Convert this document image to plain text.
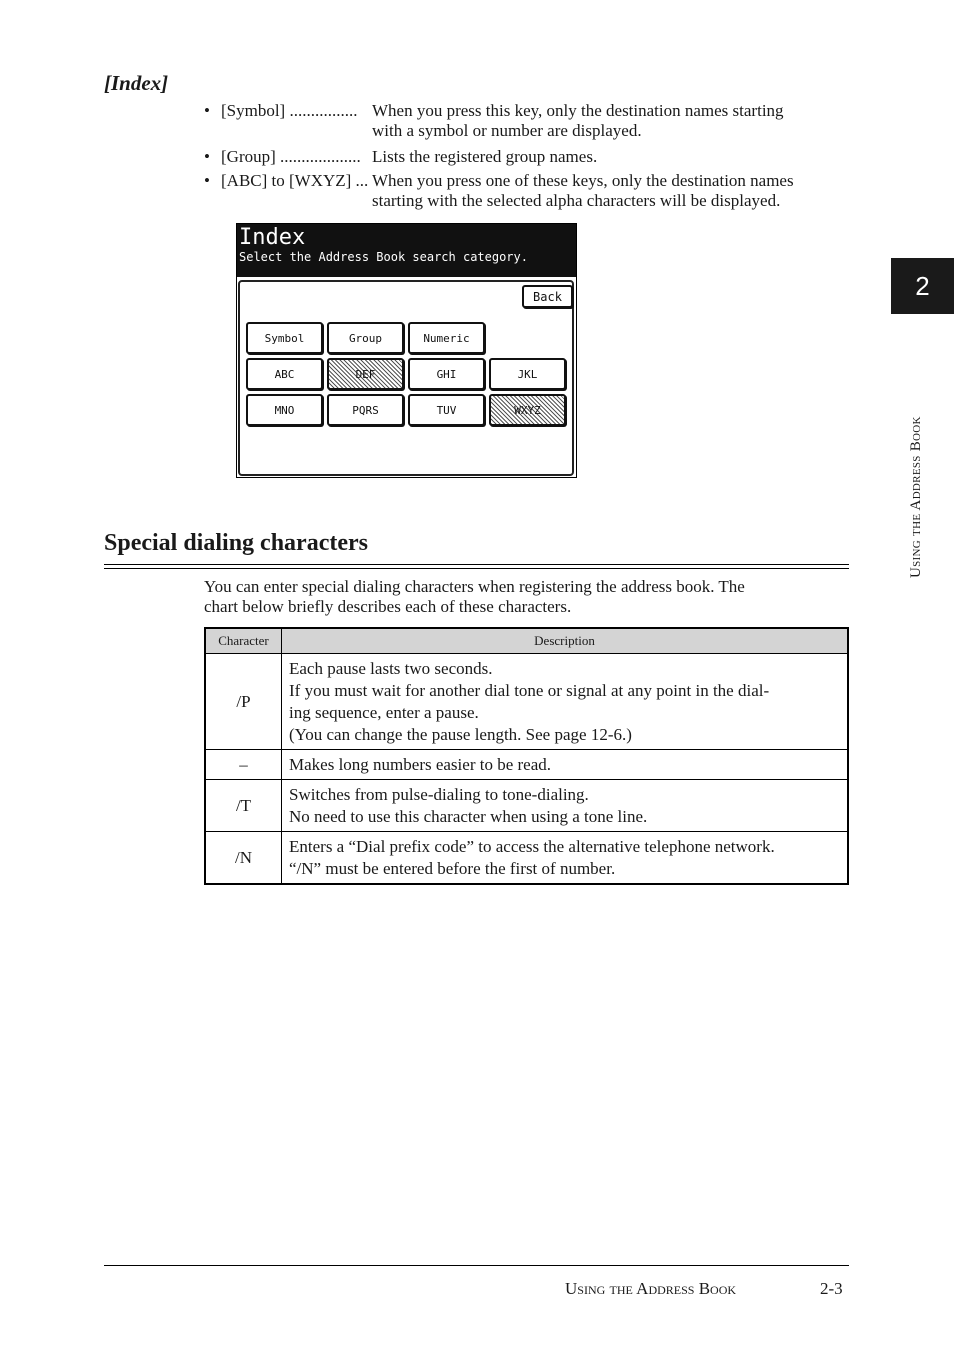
[Index]
• [Symbol] ................ When you press this key, only the destination names starting
with a symbol or number are displayed.
• [Group] ................... Lists the registered group names.
• [ABC] to [WXYZ] ... When you press one of these keys, only the destination names
starting with the selected alpha characters will be displayed.
Index
Select the Address Book search category.
Back
Symbol	Group	Numeric
ABC	DEF	GHI	JKL
MNO	PQRS	TUV	WXYZ
Special dialing characters
You can enter special dialing characters when registering the address book. The
chart below briefly describes each of these characters.
Character	Description
/P	Each pause lasts two seconds.
If you must wait for another dial tone or signal at any point in the dial-
ing sequence, enter a pause.
(You can change the pause length. See page 12-6.)

–	Makes long numbers easier to be read.

/T	Switches from pulse-dialing to tone-dialing.
No need to use this character when using a tone line.

/N	Enters a “Dial prefix code” to access the alternative telephone network.
“/N” must be entered before the first of number.
2
Using the Address Book
Using the Address Book	2-3
